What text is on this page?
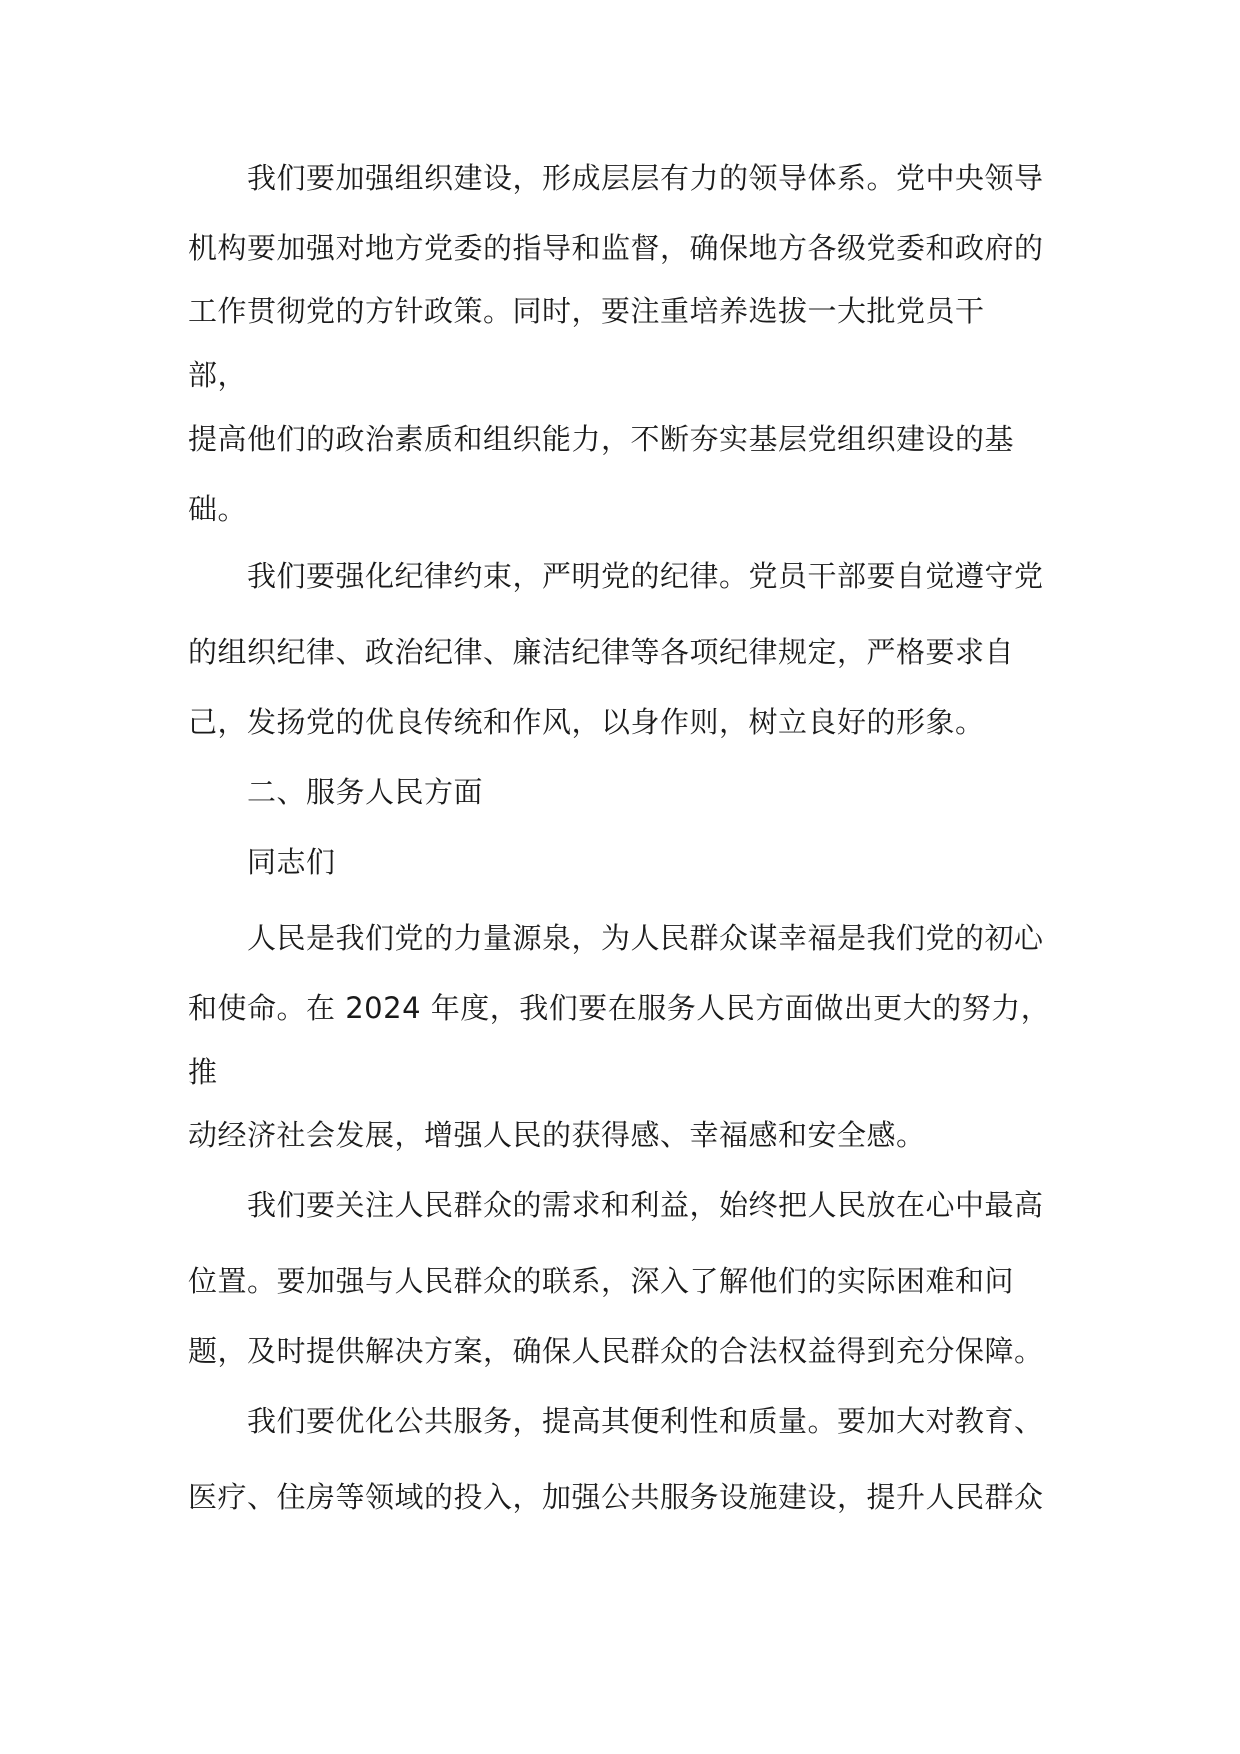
我们要加强组织建设，形成层层有力的领导体系。党中央领导
机构要加强对地方党委的指导和监督，确保地方各级党委和政府的
工作贯彻党的方针政策。同时，要注重培养选拔一大批党员干
部，
提高他们的政治素质和组织能力，不断夯实基层党组织建设的基
础。
我们要强化纪律约束，严明党的纪律。党员干部要自觉遵守党
的组织纪律、政治纪律、廉洁纪律等各项纪律规定，严格要求自
己，发扬党的优良传统和作风，以身作则，树立良好的形象。
二、服务人民方面
同志们
人民是我们党的力量源泉，为人民群众谋幸福是我们党的初心
和使命。在 2024 年度，我们要在服务人民方面做出更大的努力，
推
动经济社会发展，增强人民的获得感、幸福感和安全感。
我们要关注人民群众的需求和利益，始终把人民放在心中最高
位置。要加强与人民群众的联系，深入了解他们的实际困难和问
题，及时提供解决方案，确保人民群众的合法权益得到充分保障。
我们要优化公共服务，提高其便利性和质量。要加大对教育、
医疗、住房等领域的投入，加强公共服务设施建设，提升人民群众
